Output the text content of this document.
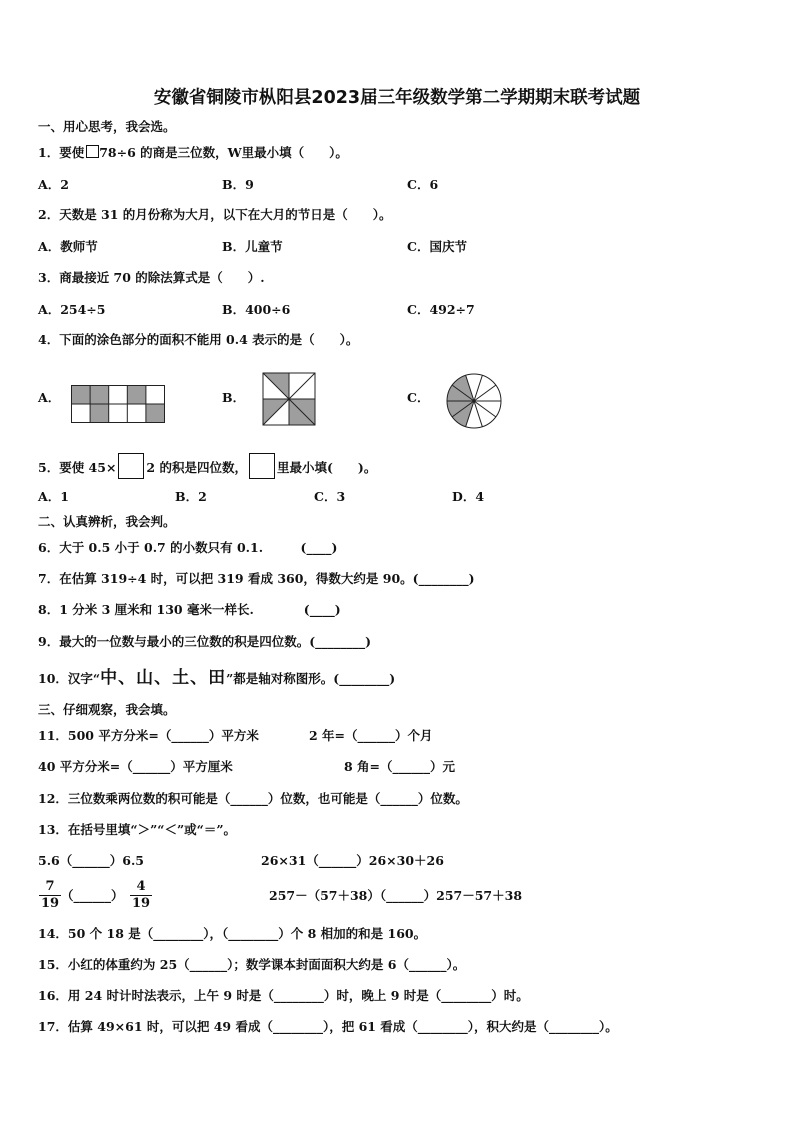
安徽省铜陵市枞阳县2023届三年级数学第二学期期末联考试题
一、用心思考，我会选。
1．要使 78÷6 的商是三位数，W里最小填（　　）。
A．2	B．9	C．6
2．天数是 31 的月份称为大月，以下在大月的节日是（　　）。
A．教师节	B．儿童节	C．国庆节
3．商最接近 70 的除法算式是（　　）.
A．254÷5	B．400÷6	C．492÷7
4．下面的涂色部分的面积不能用 0.4 表示的是（　　）。
A．	B．	C．
5．要使 45× 2 的积是四位数， 里最小填(　　)。
A．1	B．2	C．3	D．4
二、认真辨析，我会判。
6．大于 0.5 小于 0.7 的小数只有 0.1.　　　(____)
7．在估算 319÷4 时，可以把 319 看成 360，得数大约是 90。(________)
8．1 分米 3 厘米和 130 毫米一样长.　　　　(____)
9．最大的一位数与最小的三位数的积是四位数。(________)
10．汉字“中、山、土、田”都是轴对称图形。(________)
三、仔细观察，我会填。
11．500 平方分米=（______）平方米	2 年=（______）个月
40 平方分米=（______）平方厘米	8 角=（______）元
12．三位数乘两位数的积可能是（______）位数，也可能是（______）位数。
13．在括号里填“＞”“＜”或“＝”。
5.6（______）6.5	26×31（______）26×30＋26
$\frac{7}{19}$ （______） $\frac{4}{19}$	257－（57＋38）（______）257－57＋38
14．50 个 18 是（________），（________）个 8 相加的和是 160。
15．小红的体重约为 25（______）；数学课本封面面积大约是 6（______）。
16．用 24 时计时法表示，上午 9 时是（________）时，晚上 9 时是（________）时。
17．估算 49×61 时，可以把 49 看成（________），把 61 看成（________），积大约是（________）。
